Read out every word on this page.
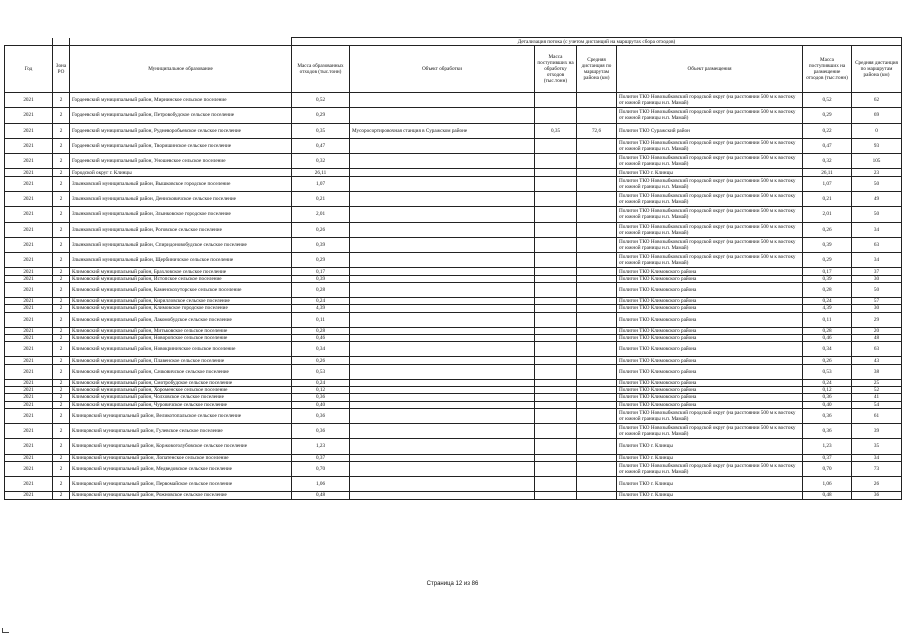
			Детализация потока (с учетом дистанций на маршрутах сбора отходов)						
Год	Зона РО	Муниципальное образование	Масса образованных отходов (тыс.тонн)	Объект обработки	Масса поступивших на обработку отходов (тыс.тонн)	Средняя дистанция по маршрутам района (км)	Объект размещения	Масса поступивших на размещение отходов (тыс.тонн)	Средняя дистанция по маршрутам района (км)
2021	2	Гордеевский муниципальный район, Мирнинское сельское поселение	0,52				Полигон ТКО Новозыбковский городской округ (на расстоянии 500 м к востоку от южной границы н.п. Мамай)	0,52	62
2021	2	Гордеевский муниципальный район, Петровобудское сельское поселение	0,29				Полигон ТКО Новозыбковский городской округ (на расстоянии 500 м к востоку от южной границы н.п. Мамай)	0,29	69
2021	2	Гордеевский муниципальный район, Рудневоробьевское сельское поселение	0,35	Мусоросортировочная станция в Суражском районе	0,35	72,6	Полигон ТКО Суражский район	0,22	0
2021	2	Гордеевский муниципальный район, Творишинское сельское поселение	0,47				Полигон ТКО Новозыбковский городской округ (на расстоянии 500 м к востоку от южной границы н.п. Мамай)	0,47	93
2021	2	Гордеевский муниципальный район, Уношевское сельское поселение	0,32				Полигон ТКО Новозыбковский городской округ (на расстоянии 500 м к востоку от южной границы н.п. Мамай)	0,32	105
2021	2	Городской округ г. Клинцы	26,11				Полигон ТКО г. Клинцы	26,11	23
2021	2	Злынковский муниципальный район, Вышковское городское поселение	1,07				Полигон ТКО Новозыбковский городской округ (на расстоянии 500 м к востоку от южной границы н.п. Мамай)	1,07	50
2021	2	Злынковский муниципальный район, Денисковичское сельское поселение	0,21				Полигон ТКО Новозыбковский городской округ (на расстоянии 500 м к востоку от южной границы н.п. Мамай)	0,21	49
2021	2	Злынковский муниципальный район, Злынковское городское поселение	2,01				Полигон ТКО Новозыбковский городской округ (на расстоянии 500 м к востоку от южной границы н.п. Мамай)	2,01	50
2021	2	Злынковский муниципальный район, Роговское сельское поселение	0,26				Полигон ТКО Новозыбковский городской округ (на расстоянии 500 м к востоку от южной границы н.п. Мамай)	0,26	34
2021	2	Злынковский муниципальный район, Спиридоновобудское сельское поселение	0,39				Полигон ТКО Новозыбковский городской округ (на расстоянии 500 м к востоку от южной границы н.п. Мамай)	0,39	63
2021	2	Злынковский муниципальный район, Щербиничское сельское поселение	0,29				Полигон ТКО Новозыбковский городской округ (на расстоянии 500 м к востоку от южной границы н.п. Мамай)	0,29	34
2021	2	Климовский муниципальный район, Брахловское сельское поселение	0,17				Полигон ТКО Климовского района	0,17	37
2021	2	Климовский муниципальный район, Истопское сельское поселение	0,39				Полигон ТКО Климовского района	0,39	30
2021	2	Климовский муниципальный район, Каменскохуторское сельское поселение	0,28				Полигон ТКО Климовского района	0,28	50
2021	2	Климовский муниципальный район, Кирилловское сельское поселение	0,24				Полигон ТКО Климовского района	0,24	57
2021	2	Климовский муниципальный район, Климовское городское поселение	4,39				Полигон ТКО Климовского района	4,39	30
2021	2	Климовский муниципальный район, Лакомобудское сельское поселение	0,11				Полигон ТКО Климовского района	0,11	29
2021	2	Климовский муниципальный район, Митьковское сельское поселение	0,28				Полигон ТКО Климовского района	0,28	20
2021	2	Климовский муниципальный район, Новоропское сельское поселение	0,46				Полигон ТКО Климовского района	0,46	48
2021	2	Климовский муниципальный район, Новокриничское сельское поселение	0,34				Полигон ТКО Климовского района	0,34	63
2021	2	Климовский муниципальный район, Плавенское сельское поселение	0,26				Полигон ТКО Климовского района	0,26	43
2021	2	Климовский муниципальный район, Сачковичское сельское поселение	0,53				Полигон ТКО Климовского района	0,53	38
2021	2	Климовский муниципальный район, Смотробудское сельское поселение	0,24				Полигон ТКО Климовского района	0,24	25
2021	2	Климовский муниципальный район, Хороменское сельское поселение	0,12				Полигон ТКО Климовского района	0,12	52
2021	2	Климовский муниципальный район, Чолховское сельское поселение	0,36				Полигон ТКО Климовского района	0,36	41
2021	2	Климовский муниципальный район, Чуровичское сельское поселение	0,40				Полигон ТКО Климовского района	0,40	54
2021	2	Клинцовский муниципальный район, Великотопальское сельское поселение	0,36				Полигон ТКО Новозыбковский городской округ (на расстоянии 500 м к востоку от южной границы н.п. Мамай)	0,36	61
2021	2	Клинцовский муниципальный район, Гулевское сельское поселение	0,36				Полигон ТКО Новозыбковский городской округ (на расстоянии 500 м к востоку от южной границы н.п. Мамай)	0,36	39
2021	2	Клинцовский муниципальный район, Коржовоголубовское сельское поселение	1,23				Полигон ТКО г. Клинцы	1,23	35
2021	2	Клинцовский муниципальный район, Лопатенское сельское поселение	0,37				Полигон ТКО г. Клинцы	0,37	34
2021	2	Клинцовский муниципальный район, Медведовское сельское поселение	0,70				Полигон ТКО Новозыбковский городской округ (на расстоянии 500 м к востоку от южной границы н.п. Мамай)	0,70	73
2021	2	Клинцовский муниципальный район, Первомайское сельское поселение	1,06				Полигон ТКО г. Клинцы	1,06	26
2021	2	Клинцовский муниципальный район, Рожновское сельское поселение	0,48				Полигон ТКО г. Клинцы	0,48	36
Страница 12 из 86
